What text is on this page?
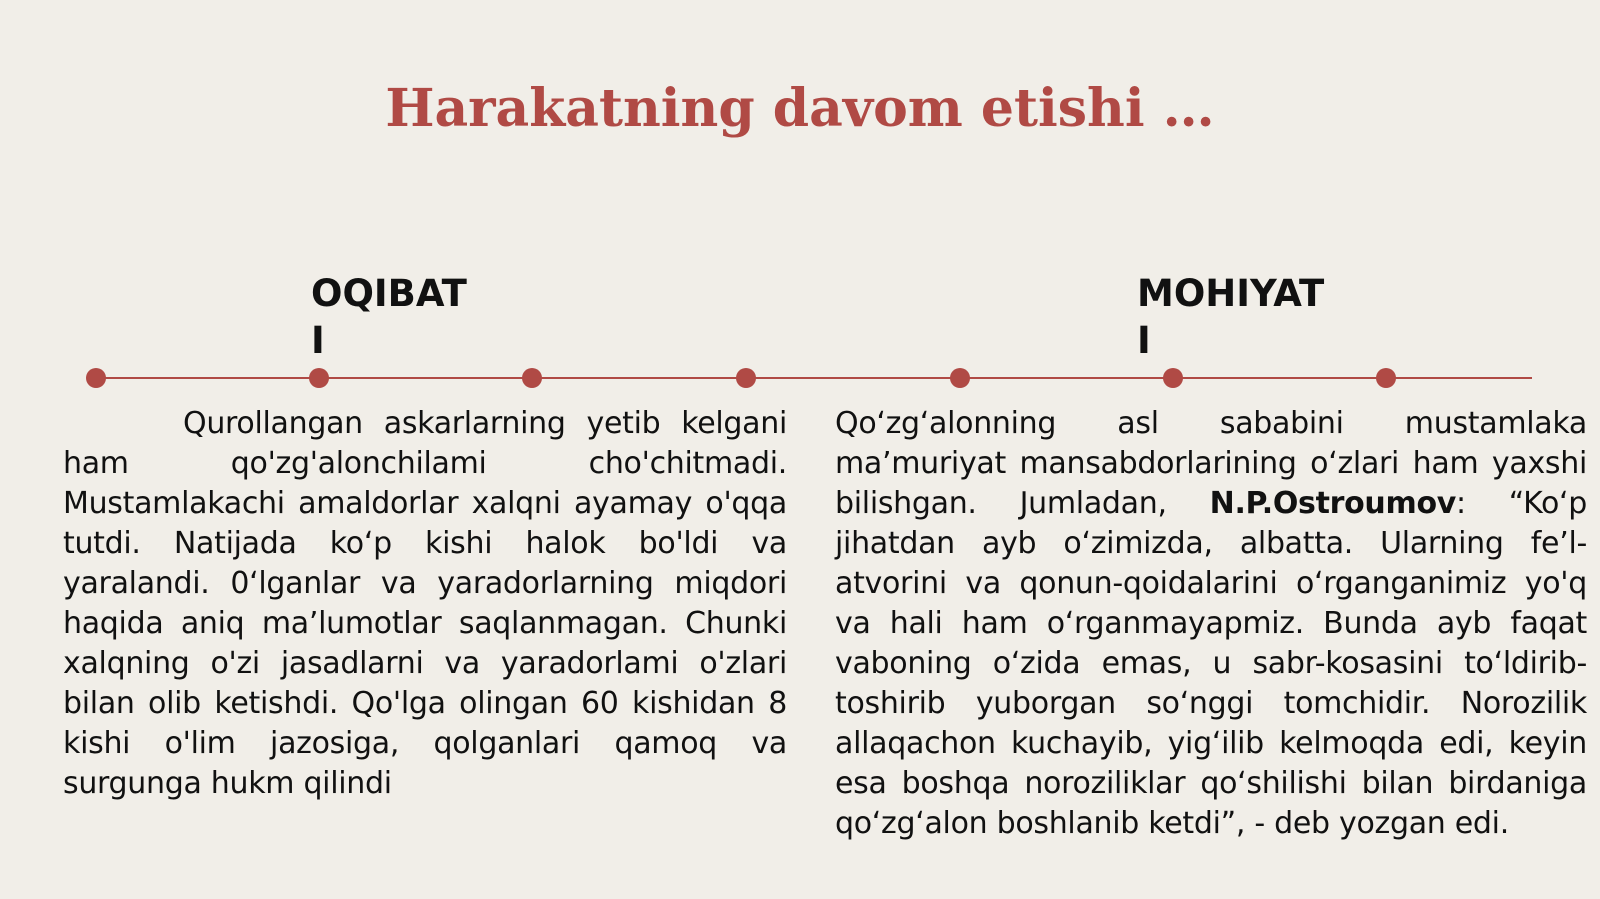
Harakatning davom etishi …
OQIBAT
I
MOHIYAT
I

Qurollangan askarlarning yetib kelgani ham qo'zg'alonchilami cho'chitmadi. Mustamlakachi amaldorlar xalqni ayamay o'qqa tutdi. Natijada ko‘p kishi halok bo'ldi va yaralandi. 0‘lganlar va yaradorlarning miqdori haqida aniq ma’lumotlar saqlanmagan. Chunki xalqning o'zi jasadlarni va yaradorlami o'zlari bilan olib ketishdi. Qo'lga olingan 60 kishidan 8 kishi o'lim jazosiga, qolganlari qamoq va surgunga hukm qilindi

Qo‘zg‘alonning asl sababini mustamlaka ma’muriyat mansabdorlarining o‘zlari ham yaxshi bilishgan. Jumladan, N.P.Ostroumov: “Ko‘p jihatdan ayb o‘zimizda, albatta. Ularning fe’l-atvorini va qonun-qoidalarini o‘rganganimiz yo'q va hali ham o‘rganmayapmiz. Bunda ayb faqat vaboning o‘zida emas, u sabr-kosasini to‘ldirib-toshirib yuborgan so‘nggi tomchidir. Norozilik allaqachon kuchayib, yig‘ilib kelmoqda edi, keyin esa boshqa noroziliklar qo‘shilishi bilan birdaniga qo‘zg‘alon boshlanib ketdi”, - deb yozgan edi.
